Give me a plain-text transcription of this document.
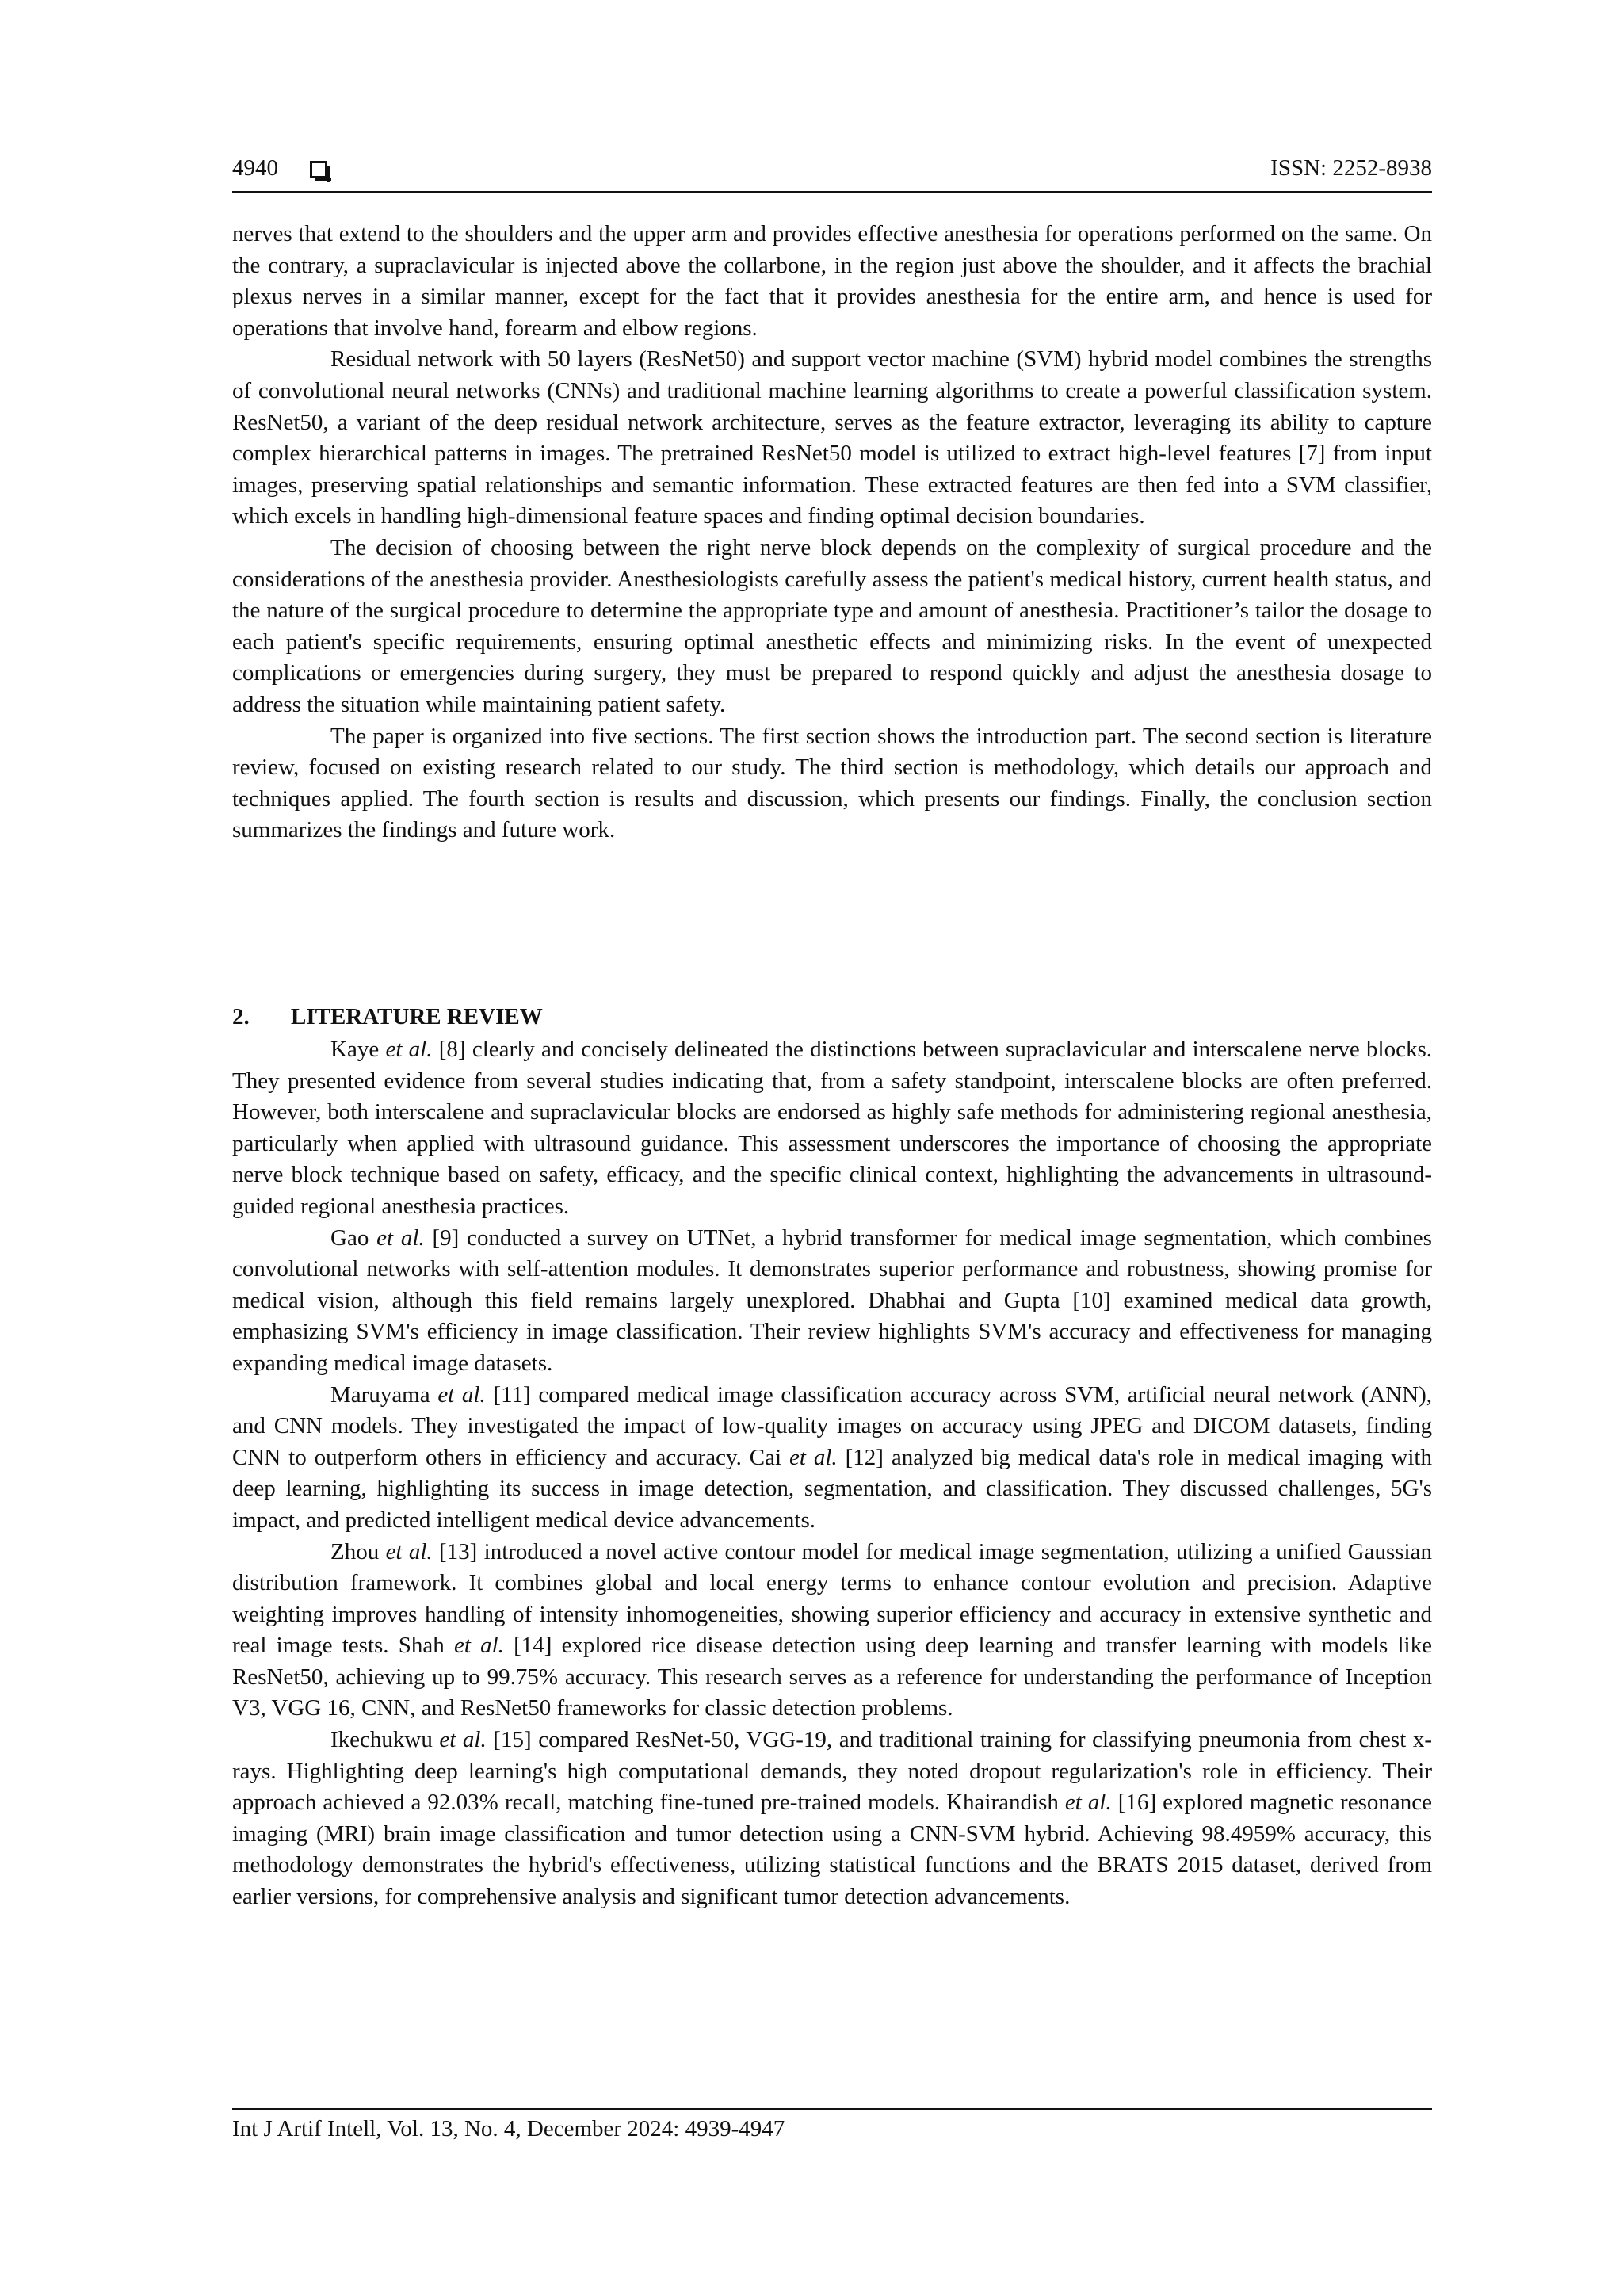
4940	ISSN: 2252-8938

nerves that extend to the shoulders and the upper arm and provides effective anesthesia for operations performed on the same. On the contrary, a supraclavicular is injected above the collarbone, in the region just above the shoulder, and it affects the brachial plexus nerves in a similar manner, except for the fact that it provides anesthesia for the entire arm, and hence is used for operations that involve hand, forearm and elbow regions.

Residual network with 50 layers (ResNet50) and support vector machine (SVM) hybrid model combines the strengths of convolutional neural networks (CNNs) and traditional machine learning algorithms to create a powerful classification system. ResNet50, a variant of the deep residual network architecture, serves as the feature extractor, leveraging its ability to capture complex hierarchical patterns in images. The pretrained ResNet50 model is utilized to extract high-level features [7] from input images, preserving spatial relationships and semantic information. These extracted features are then fed into a SVM classifier, which excels in handling high-dimensional feature spaces and finding optimal decision boundaries.

The decision of choosing between the right nerve block depends on the complexity of surgical procedure and the considerations of the anesthesia provider. Anesthesiologists carefully assess the patient's medical history, current health status, and the nature of the surgical procedure to determine the appropriate type and amount of anesthesia. Practitioner’s tailor the dosage to each patient's specific requirements, ensuring optimal anesthetic effects and minimizing risks. In the event of unexpected complications or emergencies during surgery, they must be prepared to respond quickly and adjust the anesthesia dosage to address the situation while maintaining patient safety.

The paper is organized into five sections. The first section shows the introduction part. The second section is literature review, focused on existing research related to our study. The third section is methodology, which details our approach and techniques applied. The fourth section is results and discussion, which presents our findings. Finally, the conclusion section summarizes the findings and future work.

2. LITERATURE REVIEW

Kaye et al. [8] clearly and concisely delineated the distinctions between supraclavicular and interscalene nerve blocks. They presented evidence from several studies indicating that, from a safety standpoint, interscalene blocks are often preferred. However, both interscalene and supraclavicular blocks are endorsed as highly safe methods for administering regional anesthesia, particularly when applied with ultrasound guidance. This assessment underscores the importance of choosing the appropriate nerve block technique based on safety, efficacy, and the specific clinical context, highlighting the advancements in ultrasound-guided regional anesthesia practices.

Gao et al. [9] conducted a survey on UTNet, a hybrid transformer for medical image segmentation, which combines convolutional networks with self-attention modules. It demonstrates superior performance and robustness, showing promise for medical vision, although this field remains largely unexplored. Dhabhai and Gupta [10] examined medical data growth, emphasizing SVM's efficiency in image classification. Their review highlights SVM's accuracy and effectiveness for managing expanding medical image datasets.

Maruyama et al. [11] compared medical image classification accuracy across SVM, artificial neural network (ANN), and CNN models. They investigated the impact of low-quality images on accuracy using JPEG and DICOM datasets, finding CNN to outperform others in efficiency and accuracy. Cai et al. [12] analyzed big medical data's role in medical imaging with deep learning, highlighting its success in image detection, segmentation, and classification. They discussed challenges, 5G's impact, and predicted intelligent medical device advancements.

Zhou et al. [13] introduced a novel active contour model for medical image segmentation, utilizing a unified Gaussian distribution framework. It combines global and local energy terms to enhance contour evolution and precision. Adaptive weighting improves handling of intensity inhomogeneities, showing superior efficiency and accuracy in extensive synthetic and real image tests. Shah et al. [14] explored rice disease detection using deep learning and transfer learning with models like ResNet50, achieving up to 99.75% accuracy. This research serves as a reference for understanding the performance of Inception V3, VGG 16, CNN, and ResNet50 frameworks for classic detection problems.

Ikechukwu et al. [15] compared ResNet-50, VGG-19, and traditional training for classifying pneumonia from chest x-rays. Highlighting deep learning's high computational demands, they noted dropout regularization's role in efficiency. Their approach achieved a 92.03% recall, matching fine-tuned pre-trained models. Khairandish et al. [16] explored magnetic resonance imaging (MRI) brain image classification and tumor detection using a CNN-SVM hybrid. Achieving 98.4959% accuracy, this methodology demonstrates the hybrid's effectiveness, utilizing statistical functions and the BRATS 2015 dataset, derived from earlier versions, for comprehensive analysis and significant tumor detection advancements.

Int J Artif Intell, Vol. 13, No. 4, December 2024: 4939-4947
